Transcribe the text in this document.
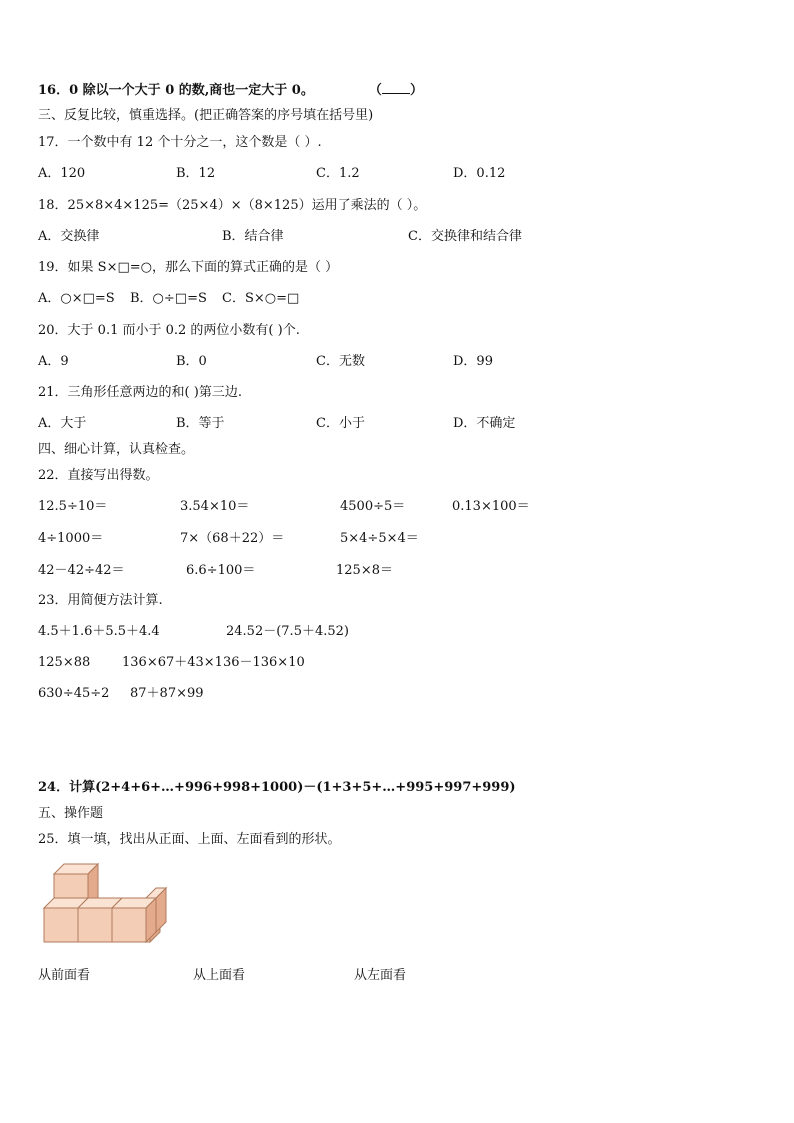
16．0 除以一个大于 0 的数,商也一定大于 0。	（ ）
三、反复比较，慎重选择。(把正确答案的序号填在括号里)
17．一个数中有 12 个十分之一，这个数是（ ）.
A．120	B．12	C．1.2	D．0.12
18．25×8×4×125=（25×4）×（8×125）运用了乘法的（ ）。
A．交换律	B．结合律	C．交换律和结合律
19．如果 S×□=○，那么下面的算式正确的是（ ）
A．○×□=S B．○÷□=S C．S×○=□
20．大于 0.1 而小于 0.2 的两位小数有( )个.
A．9	B．0	C．无数	D．99
21．三角形任意两边的和( )第三边.
A．大于	B．等于	C．小于	D．不确定
四、细心计算，认真检查。
22．直接写出得数。
12.5÷10＝	3.54×10＝	4500÷5＝	0.13×100＝
4÷1000＝	7×（68＋22）＝	5×4÷5×4＝
42－42÷42＝	6.6÷100＝	125×8＝
23．用简便方法计算.
4.5＋1.6＋5.5＋4.4	24.52－(7.5＋4.52)
125×88 136×67＋43×136－136×10
630÷45÷2 87＋87×99
24．计算(2+4+6+…+996+998+1000)－(1+3+5+…+995+997+999)
五、操作题
25．填一填，找出从正面、上面、左面看到的形状。
从前面看	从上面看	从左面看
